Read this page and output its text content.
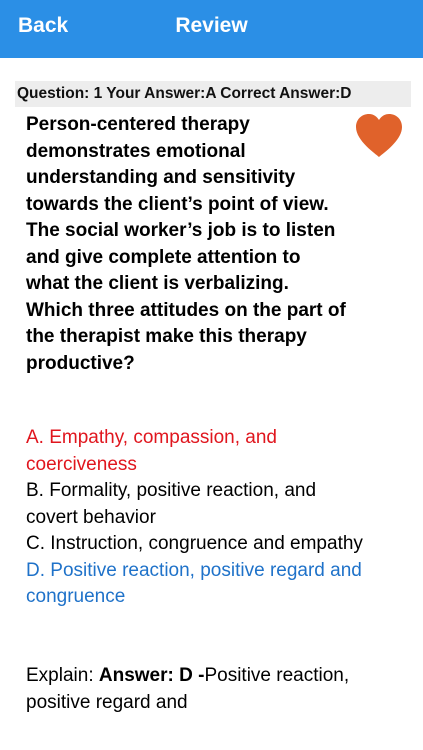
Back	Review
Question: 1 Your Answer:A Correct Answer:D
Person-centered therapy demonstrates emotional understanding and sensitivity towards the client’s point of view. The social worker’s job is to listen and give complete attention to what the client is verbalizing. Which three attitudes on the part of the therapist make this therapy productive?
A. Empathy, compassion, and coerciveness
B. Formality, positive reaction, and covert behavior
C. Instruction, congruence and empathy
D. Positive reaction, positive regard and congruence
Explain: Answer: D -Positive reaction, positive regard and
